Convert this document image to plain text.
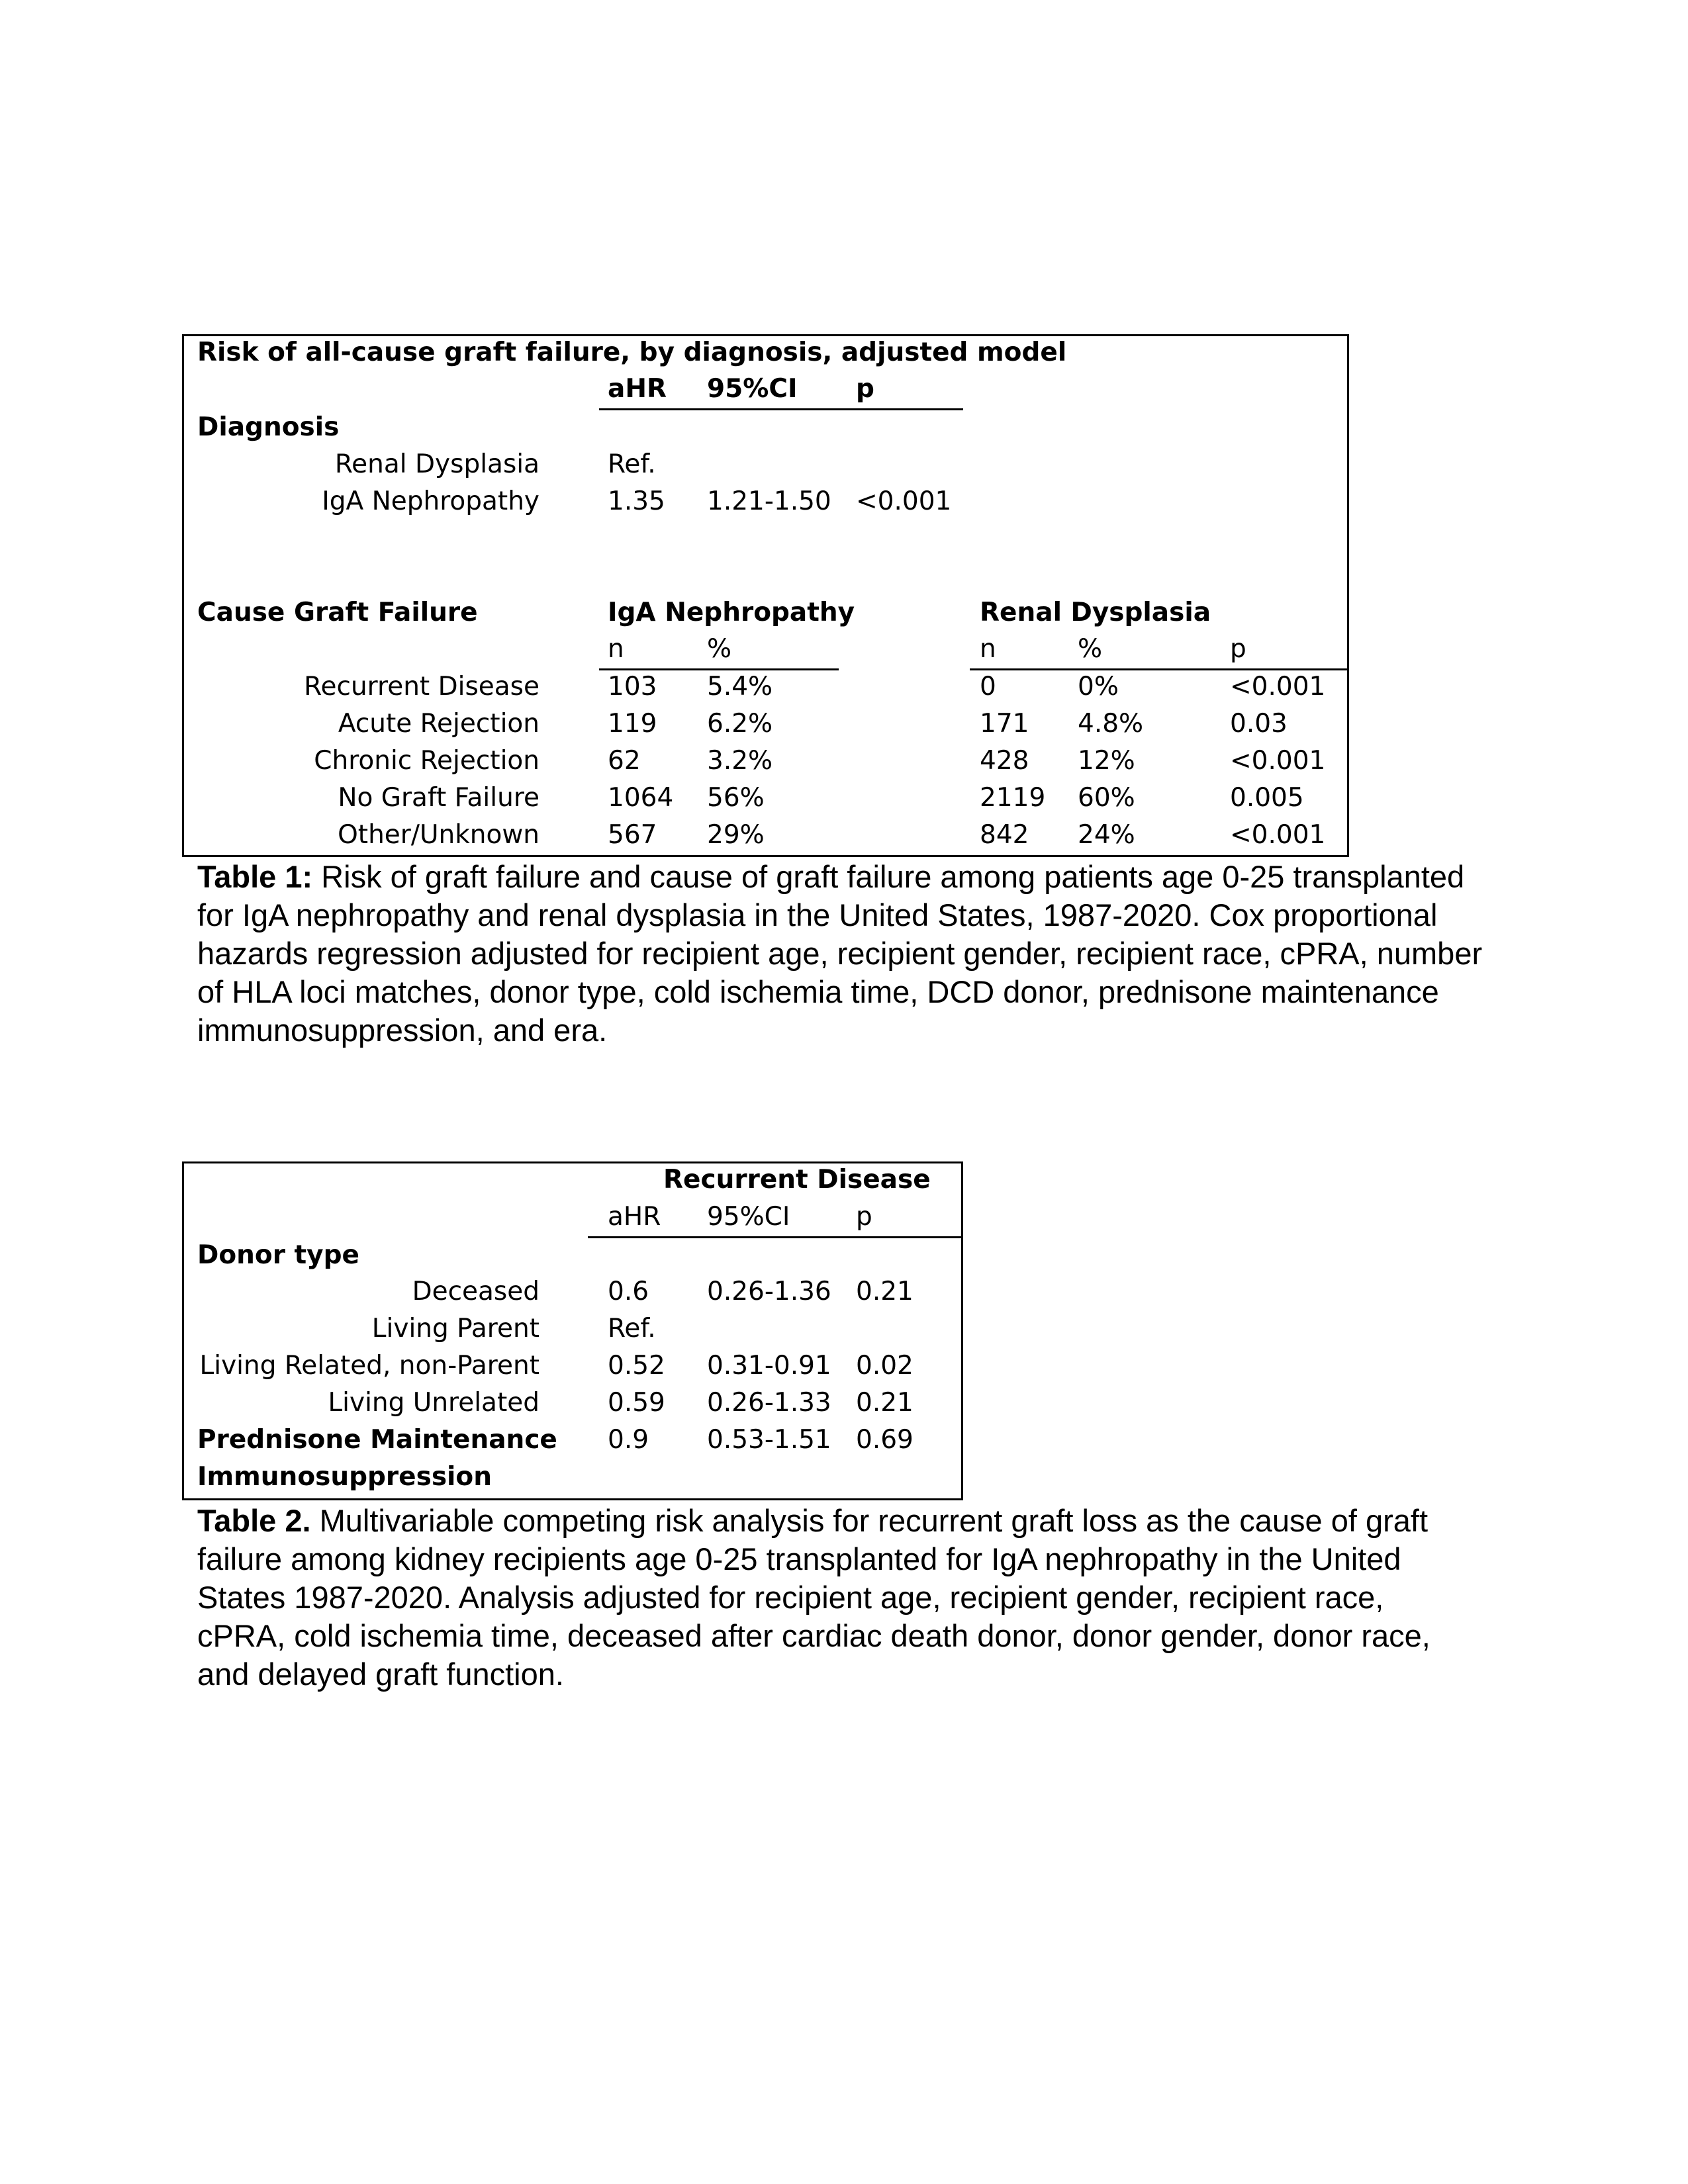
Risk of all-cause graft failure, by diagnosis, adjusted model
aHR 95%CI p
Diagnosis
Renal Dysplasia	Ref.
IgA Nephropathy	1.35 1.21-1.50 <0.001
Cause Graft Failure	IgA Nephropathy	Renal Dysplasia
n	%	n	%	p
Recurrent Disease	103 5.4%	0	0%	<0.001
Acute Rejection	119 6.2%	171 4.8%	0.03
Chronic Rejection	62	3.2%	428 12%	<0.001
No Graft Failure	1064 56%	2119 60%	0.005
Other/Unknown	567 29%	842 24%	<0.001
Table 1: Risk of graft failure and cause of graft failure among patients age 0-25 transplanted for IgA nephropathy and renal dysplasia in the United States, 1987-2020. Cox proportional hazards regression adjusted for recipient age, recipient gender, recipient race, cPRA, number of HLA loci matches, donor type, cold ischemia time, DCD donor, prednisone maintenance immunosuppression, and era.
Recurrent Disease
aHR 95%CI	p
Donor type
Deceased	0.6 0.26-1.36 0.21
Living Parent	Ref.
Living Related, non-Parent	0.52 0.31-0.91 0.02
Living Unrelated	0.59 0.26-1.33 0.21
Prednisone Maintenance 0.9 0.53-1.51 0.69
Immunosuppression
Table 2. Multivariable competing risk analysis for recurrent graft loss as the cause of graft failure among kidney recipients age 0-25 transplanted for IgA nephropathy in the United States 1987-2020. Analysis adjusted for recipient age, recipient gender, recipient race, cPRA, cold ischemia time, deceased after cardiac death donor, donor gender, donor race, and delayed graft function.
